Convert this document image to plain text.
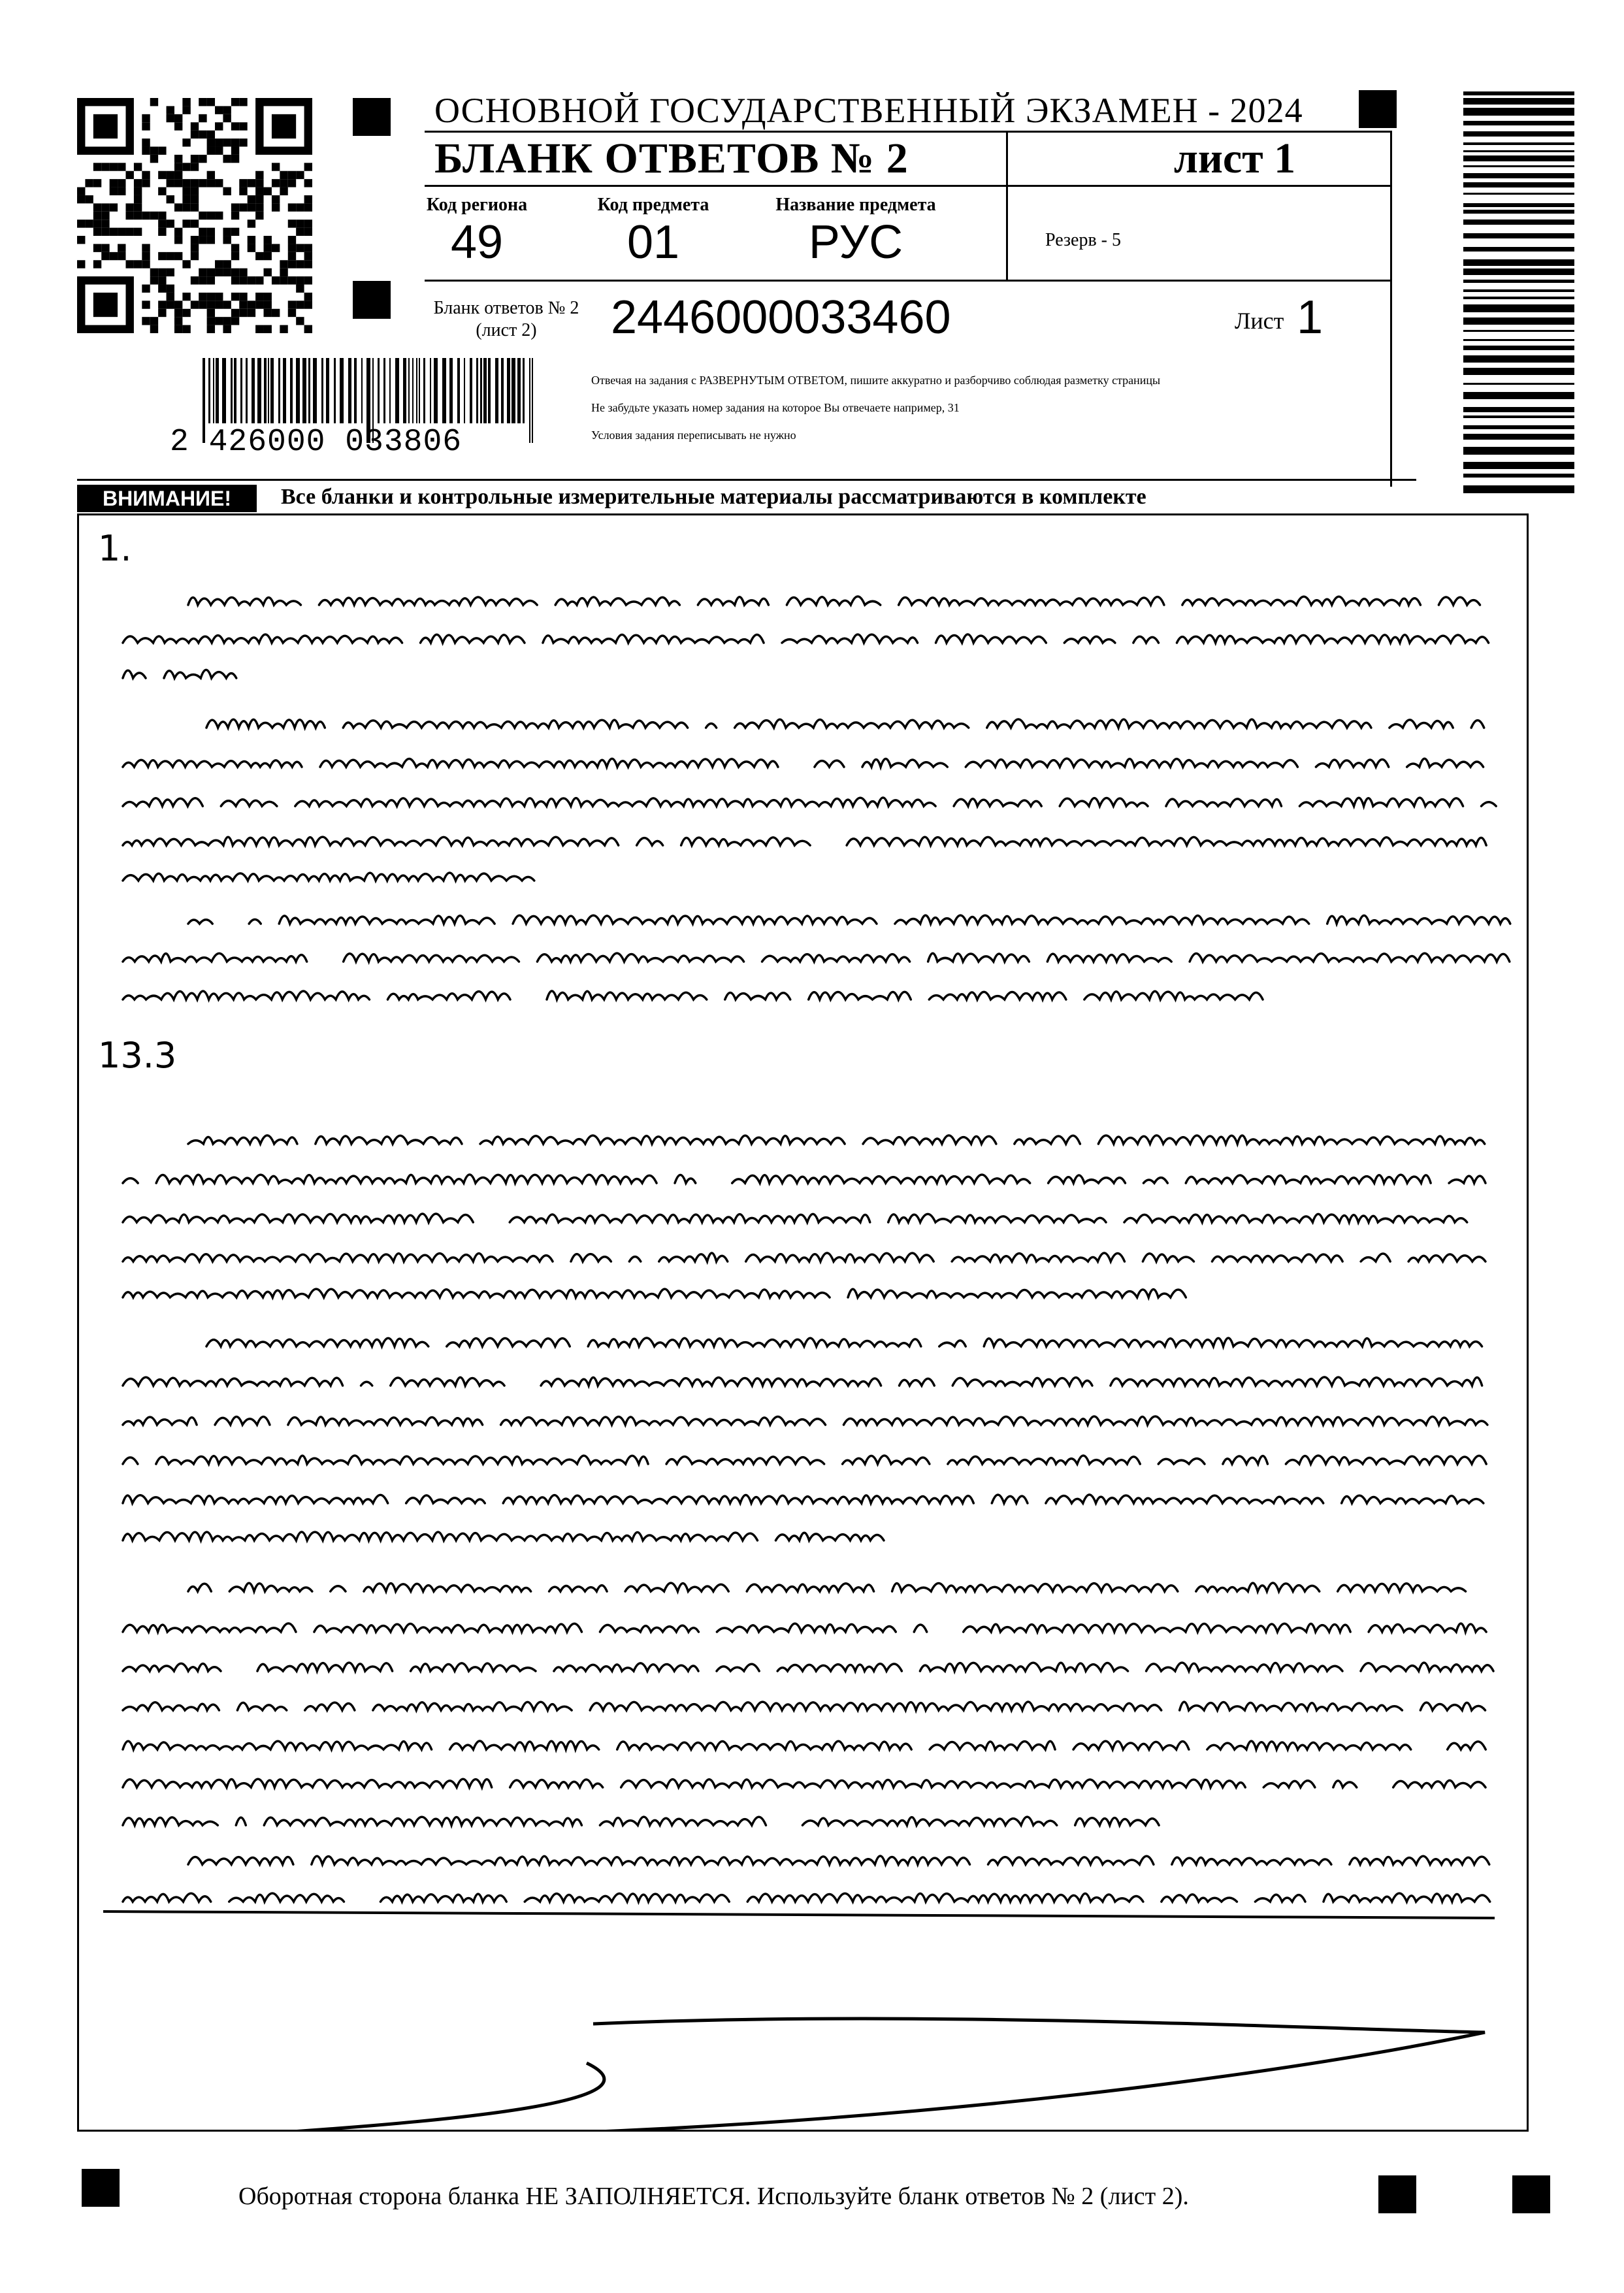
ОСНОВНОЙ ГОСУДАРСТВЕННЫЙ ЭКЗАМЕН - 2024
БЛАНК ОТВЕТОВ № 2	лист 1
Код региона
49
Код предмета
01
Название предмета
РУС	Резерв - 5
Бланк ответов № 2
(лист 2)	2446000033460	Лист 1
Отвечая на задания с РАЗВЕРНУТЫМ ОТВЕТОМ, пишите аккуратно и разборчиво соблюдая разметку страницы
Не забудьте указать номер задания на которое Вы отвечаете например, 31
Условия задания переписывать не нужно
2 426000 033806
ВНИМАНИЕ!	Все бланки и контрольные измерительные материалы рассматриваются в комплекте
1.
13.3
Оборотная сторона бланка НЕ ЗАПОЛНЯЕТСЯ. Используйте бланк ответов № 2 (лист 2).
